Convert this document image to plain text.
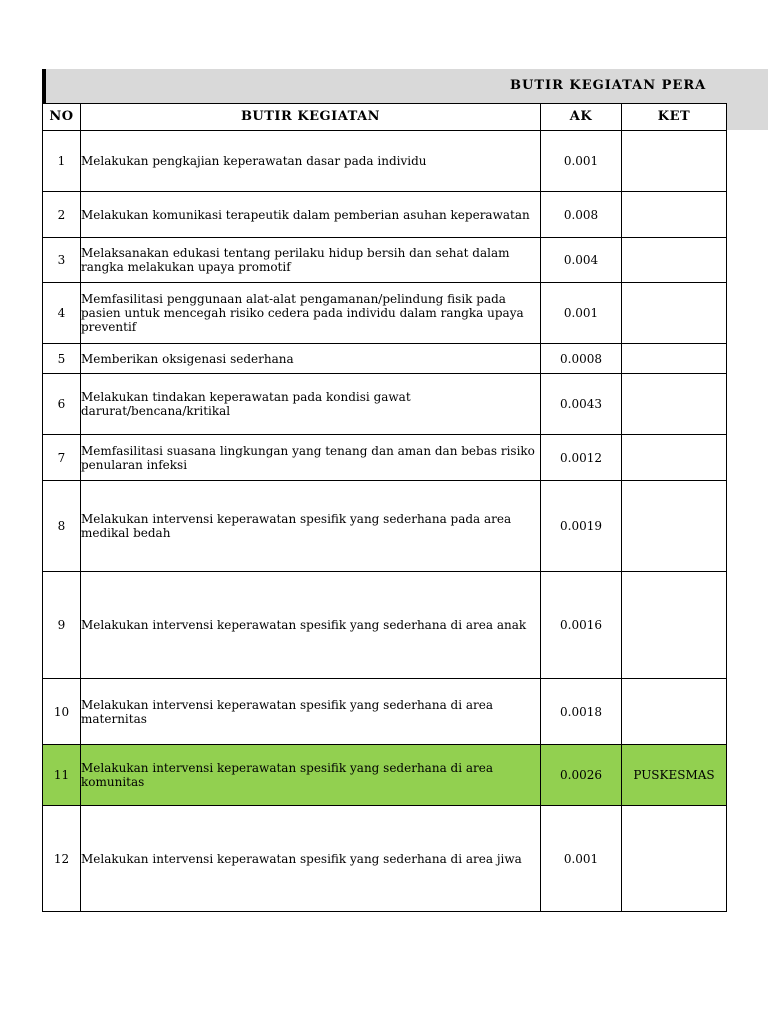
BUTIR KEGIATAN PERA
NO	BUTIR KEGIATAN	AK	KET
1	Melakukan pengkajian keperawatan dasar pada individu	0.001	
2	Melakukan komunikasi terapeutik dalam pemberian asuhan keperawatan	0.008	
3	Melaksanakan edukasi tentang perilaku hidup bersih dan sehat dalam rangka melakukan upaya promotif	0.004	
4	Memfasilitasi penggunaan alat-alat pengamanan/pelindung fisik pada pasien untuk mencegah risiko cedera pada individu dalam rangka upaya preventif	0.001	
5	Memberikan oksigenasi sederhana	0.0008	
6	Melakukan tindakan keperawatan pada kondisi gawat darurat/bencana/kritikal	0.0043	
7	Memfasilitasi suasana lingkungan yang tenang dan aman dan bebas risiko penularan infeksi	0.0012	
8	Melakukan intervensi keperawatan spesifik yang sederhana pada area medikal bedah	0.0019	
9	Melakukan intervensi keperawatan spesifik yang sederhana di area anak	0.0016	
10	Melakukan intervensi keperawatan spesifik yang sederhana di area maternitas	0.0018	
11	Melakukan intervensi keperawatan spesifik yang sederhana di area komunitas	0.0026	PUSKESMAS
12	Melakukan intervensi keperawatan spesifik yang sederhana di area jiwa	0.001	
